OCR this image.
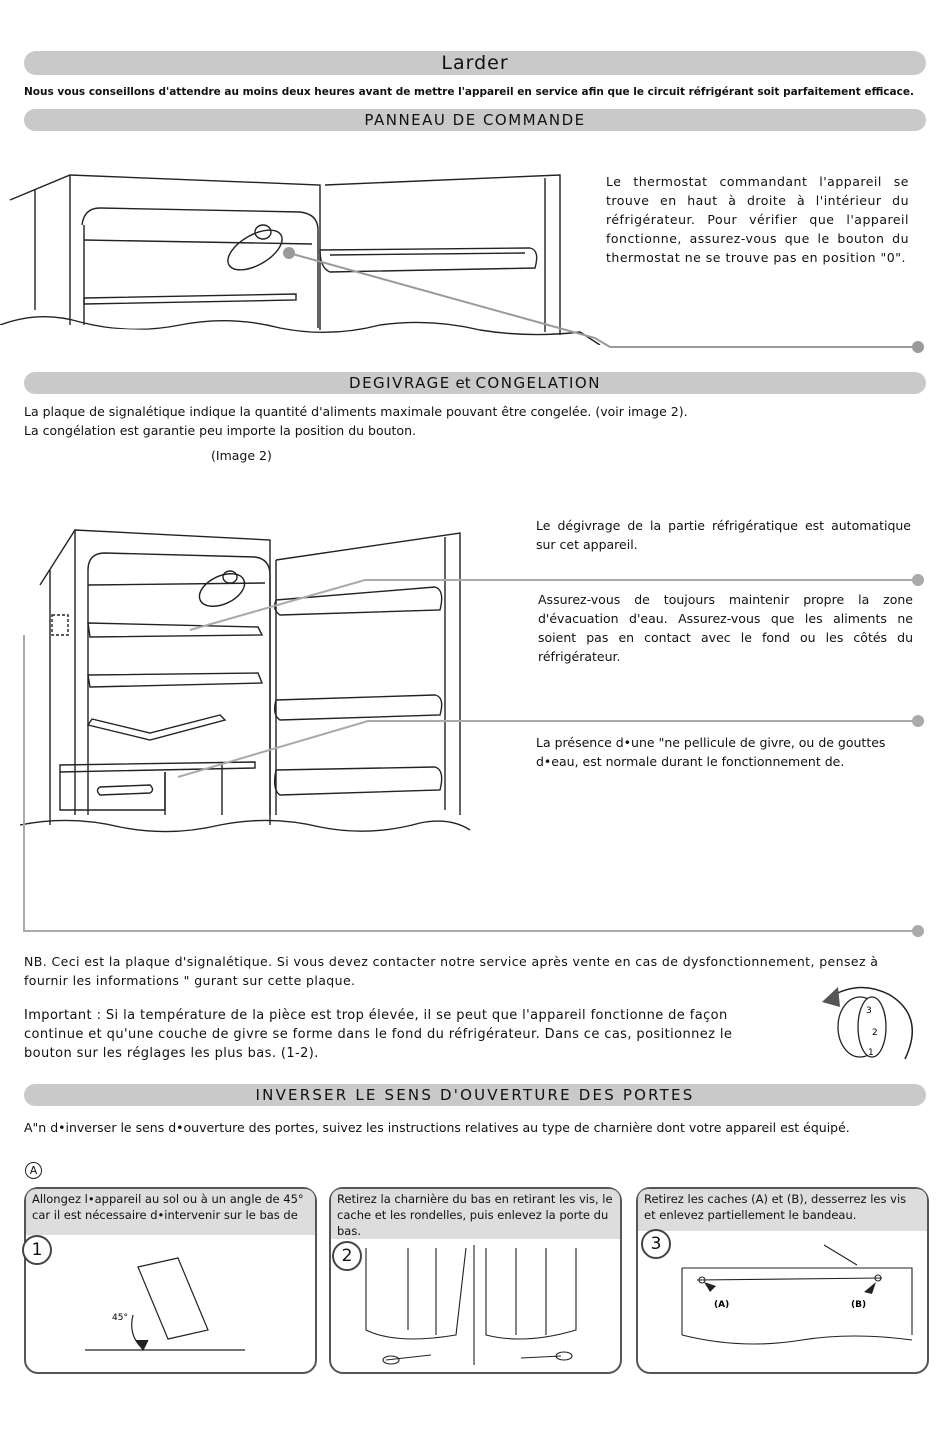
Larder
Nous vous conseillons d'attendre au moins deux heures avant de mettre l'appareil en service afin que le circuit réfrigérant soit parfaitement efficace.
PANNEAU DE COMMANDE
Le thermostat commandant l'appareil se trouve en haut à droite à l'intérieur du réfrigérateur. Pour vérifier que l'appareil fonctionne, assurez-vous que le bouton du thermostat ne se trouve pas en position "0".
DEGIVRAGE et CONGELATION
La plaque de signalétique indique la quantité d'aliments maximale pouvant être congelée. (voir image 2).
La congélation est garantie peu importe la position du bouton.
(Image 2)
Le dégivrage de la partie réfrigératique est automatique sur cet appareil.
Assurez-vous de toujours maintenir propre la zone d'évacuation d'eau. Assurez-vous que les aliments ne soient pas en contact avec le fond ou les côtés du réfrigérateur.
La présence d•une "ne pellicule de givre, ou de gouttes d•eau, est normale durant le fonctionnement de.
NB. Ceci est la plaque d'signalétique. Si vous devez contacter notre service après vente en cas de dysfonctionnement, pensez à fournir les informations " gurant sur cette plaque.
Important : Si la température de la pièce est trop élevée, il se peut que l'appareil fonctionne de façon continue et qu'une couche de givre se forme dans le fond du réfrigérateur. Dans ce cas, positionnez le bouton sur les réglages les plus bas. (1-2).
3
2
1
INVERSER LE SENS D'OUVERTURE DES PORTES
A"n d•inverser le sens d•ouverture des portes, suivez les instructions relatives au type de charnière dont votre appareil est équipé.
A
Allongez l•appareil au sol ou à un angle de 45° car il est nécessaire d•intervenir sur le bas de
1
45°
Retirez la charnière du bas en retirant les vis, le cache et les rondelles, puis enlevez la porte du bas.
2
Retirez les caches (A) et (B), desserrez les vis et enlevez partiellement le bandeau.
3
(A)	(B)
